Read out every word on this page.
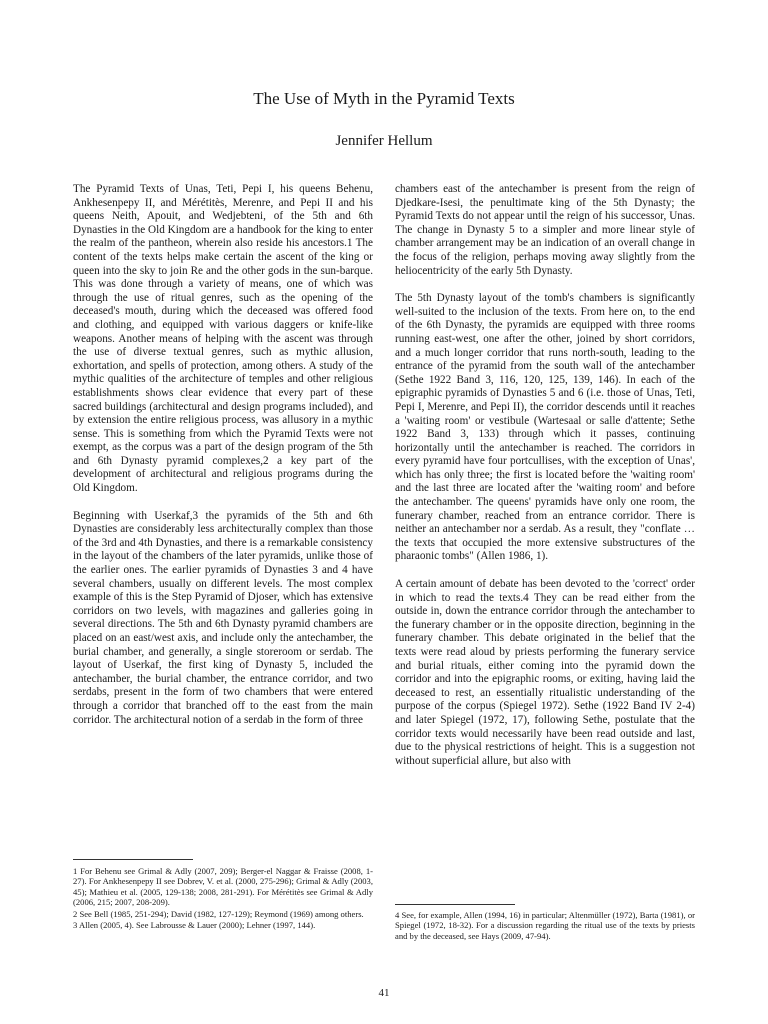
The Use of Myth in the Pyramid Texts
Jennifer Hellum

The Pyramid Texts of Unas, Teti, Pepi I, his queens Behenu, Ankhesenpepy II, and Mérétitès, Merenre, and Pepi II and his queens Neith, Apouit, and Wedjebteni, of the 5th and 6th Dynasties in the Old Kingdom are a handbook for the king to enter the realm of the pantheon, wherein also reside his ancestors.1 The content of the texts helps make certain the ascent of the king or queen into the sky to join Re and the other gods in the sun-barque. This was done through a variety of means, one of which was through the use of ritual genres, such as the opening of the deceased's mouth, during which the deceased was offered food and clothing, and equipped with various daggers or knife-like weapons. Another means of helping with the ascent was through the use of diverse textual genres, such as mythic allusion, exhortation, and spells of protection, among others. A study of the mythic qualities of the architecture of temples and other religious establishments shows clear evidence that every part of these sacred buildings (architectural and design programs included), and by extension the entire religious process, was allusory in a mythic sense. This is something from which the Pyramid Texts were not exempt, as the corpus was a part of the design program of the 5th and 6th Dynasty pyramid complexes,2 a key part of the development of architectural and religious programs during the Old Kingdom.

Beginning with Userkaf,3 the pyramids of the 5th and 6th Dynasties are considerably less architecturally complex than those of the 3rd and 4th Dynasties, and there is a remarkable consistency in the layout of the chambers of the later pyramids, unlike those of the earlier ones. The earlier pyramids of Dynasties 3 and 4 have several chambers, usually on different levels. The most complex example of this is the Step Pyramid of Djoser, which has extensive corridors on two levels, with magazines and galleries going in several directions. The 5th and 6th Dynasty pyramid chambers are placed on an east/west axis, and include only the antechamber, the burial chamber, and generally, a single storeroom or serdab. The layout of Userkaf, the first king of Dynasty 5, included the antechamber, the burial chamber, the entrance corridor, and two serdabs, present in the form of two chambers that were entered through a corridor that branched off to the east from the main corridor. The architectural notion of a serdab in the form of three

chambers east of the antechamber is present from the reign of Djedkare-Isesi, the penultimate king of the 5th Dynasty; the Pyramid Texts do not appear until the reign of his successor, Unas. The change in Dynasty 5 to a simpler and more linear style of chamber arrangement may be an indication of an overall change in the focus of the religion, perhaps moving away slightly from the heliocentricity of the early 5th Dynasty.

The 5th Dynasty layout of the tomb's chambers is significantly well-suited to the inclusion of the texts. From here on, to the end of the 6th Dynasty, the pyramids are equipped with three rooms running east-west, one after the other, joined by short corridors, and a much longer corridor that runs north-south, leading to the entrance of the pyramid from the south wall of the antechamber (Sethe 1922 Band 3, 116, 120, 125, 139, 146). In each of the epigraphic pyramids of Dynasties 5 and 6 (i.e. those of Unas, Teti, Pepi I, Merenre, and Pepi II), the corridor descends until it reaches a 'waiting room' or vestibule (Wartesaal or salle d'attente; Sethe 1922 Band 3, 133) through which it passes, continuing horizontally until the antechamber is reached. The corridors in every pyramid have four portcullises, with the exception of Unas', which has only three; the first is located before the 'waiting room' and the last three are located after the 'waiting room' and before the antechamber. The queens' pyramids have only one room, the funerary chamber, reached from an entrance corridor. There is neither an antechamber nor a serdab. As a result, they "conflate … the texts that occupied the more extensive substructures of the pharaonic tombs" (Allen 1986, 1).

A certain amount of debate has been devoted to the 'correct' order in which to read the texts.4 They can be read either from the outside in, down the entrance corridor through the antechamber to the funerary chamber or in the opposite direction, beginning in the funerary chamber. This debate originated in the belief that the texts were read aloud by priests performing the funerary service and burial rituals, either coming into the pyramid down the corridor and into the epigraphic rooms, or exiting, having laid the deceased to rest, an essentially ritualistic understanding of the purpose of the corpus (Spiegel 1972). Sethe (1922 Band IV 2-4) and later Spiegel (1972, 17), following Sethe, postulate that the corridor texts would necessarily have been read outside and last, due to the physical restrictions of height. This is a suggestion not without superficial allure, but also with

1 For Behenu see Grimal & Adly (2007, 209); Berger-el Naggar & Fraisse (2008, 1-27). For Ankhesenpepy II see Dobrev, V. et al. (2000, 275-296); Grimal & Adly (2003, 45); Mathieu et al. (2005, 129-138; 2008, 281-291). For Mérétitès see Grimal & Adly (2006, 215; 2007, 208-209).

2 See Bell (1985, 251-294); David (1982, 127-129); Reymond (1969) among others.

3 Allen (2005, 4). See Labrousse & Lauer (2000); Lehner (1997, 144).

4 See, for example, Allen (1994, 16) in particular; Altenmüller (1972), Barta (1981), or Spiegel (1972, 18-32). For a discussion regarding the ritual use of the texts by priests and by the deceased, see Hays (2009, 47-94).

41
